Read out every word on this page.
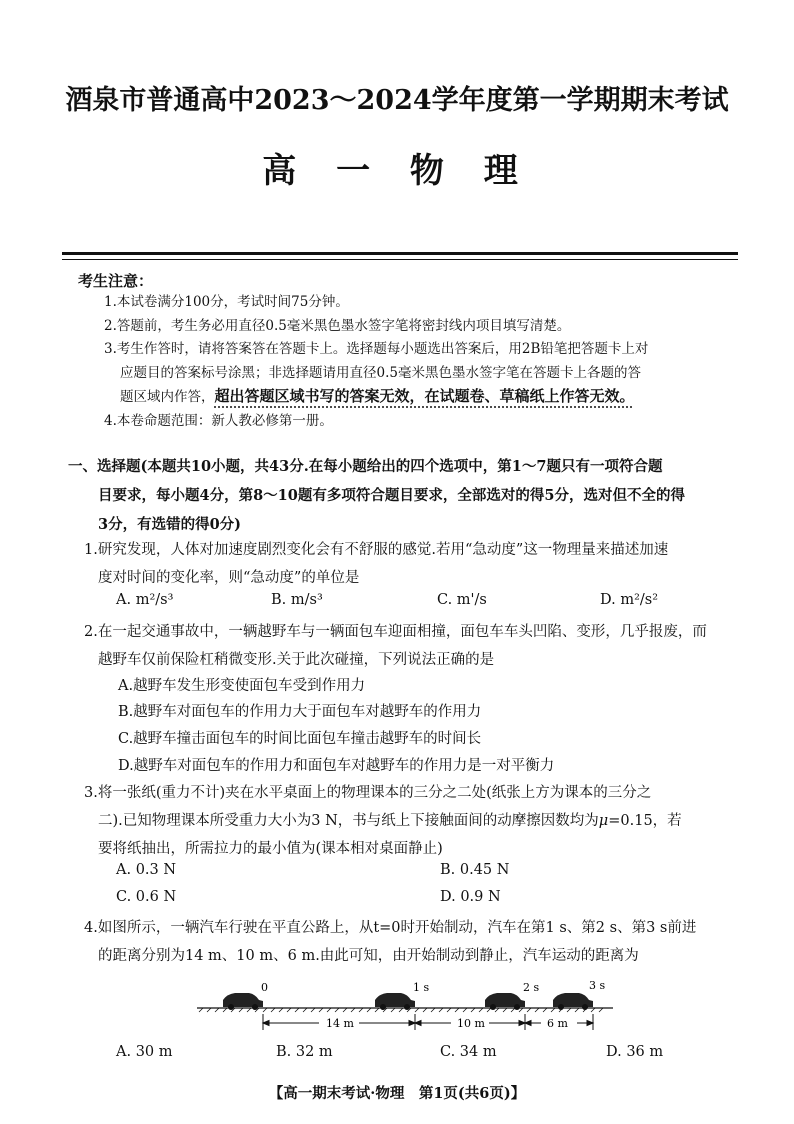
酒泉市普通高中2023～2024学年度第一学期期末考试
高 一 物 理
考生注意：
1.本试卷满分100分，考试时间75分钟。
2.答题前，考生务必用直径0.5毫米黑色墨水签字笔将密封线内项目填写清楚。
3.考生作答时，请将答案答在答题卡上。选择题每小题选出答案后，用2B铅笔把答题卡上对
应题目的答案标号涂黑；非选择题请用直径0.5毫米黑色墨水签字笔在答题卡上各题的答
题区域内作答，超出答题区域书写的答案无效，在试题卷、草稿纸上作答无效。
4.本卷命题范围：新人教必修第一册。
一、选择题(本题共10小题，共43分.在每小题给出的四个选项中，第1～7题只有一项符合题
目要求，每小题4分，第8～10题有多项符合题目要求，全部选对的得5分，选对但不全的得
3分，有选错的得0分)
1.研究发现，人体对加速度剧烈变化会有不舒服的感觉.若用“急动度”这一物理量来描述加速
度对时间的变化率，则“急动度”的单位是
A. m²/s³	B. m/s³	C. m'/s	D. m²/s²
2.在一起交通事故中，一辆越野车与一辆面包车迎面相撞，面包车车头凹陷、变形，几乎报废，而
越野车仅前保险杠稍微变形.关于此次碰撞，下列说法正确的是
A.越野车发生形变使面包车受到作用力
B.越野车对面包车的作用力大于面包车对越野车的作用力
C.越野车撞击面包车的时间比面包车撞击越野车的时间长
D.越野车对面包车的作用力和面包车对越野车的作用力是一对平衡力
3.将一张纸(重力不计)夹在水平桌面上的物理课本的三分之二处(纸张上方为课本的三分之
二).已知物理课本所受重力大小为3 N，书与纸上下接触面间的动摩擦因数均为μ=0.15，若
要将纸抽出，所需拉力的最小值为(课本相对桌面静止)
A. 0.3 N	B. 0.45 N
C. 0.6 N	D. 0.9 N
4.如图所示，一辆汽车行驶在平直公路上，从t=0时开始制动，汽车在第1 s、第2 s、第3 s前进
的距离分别为14 m、10 m、6 m.由此可知，由开始制动到静止，汽车运动的距离为
0	1 s	2 s	3 s
14 m	10 m	6 m
A. 30 m	B. 32 m	C. 34 m	D. 36 m
【高一期末考试·物理　第1页(共6页)】
